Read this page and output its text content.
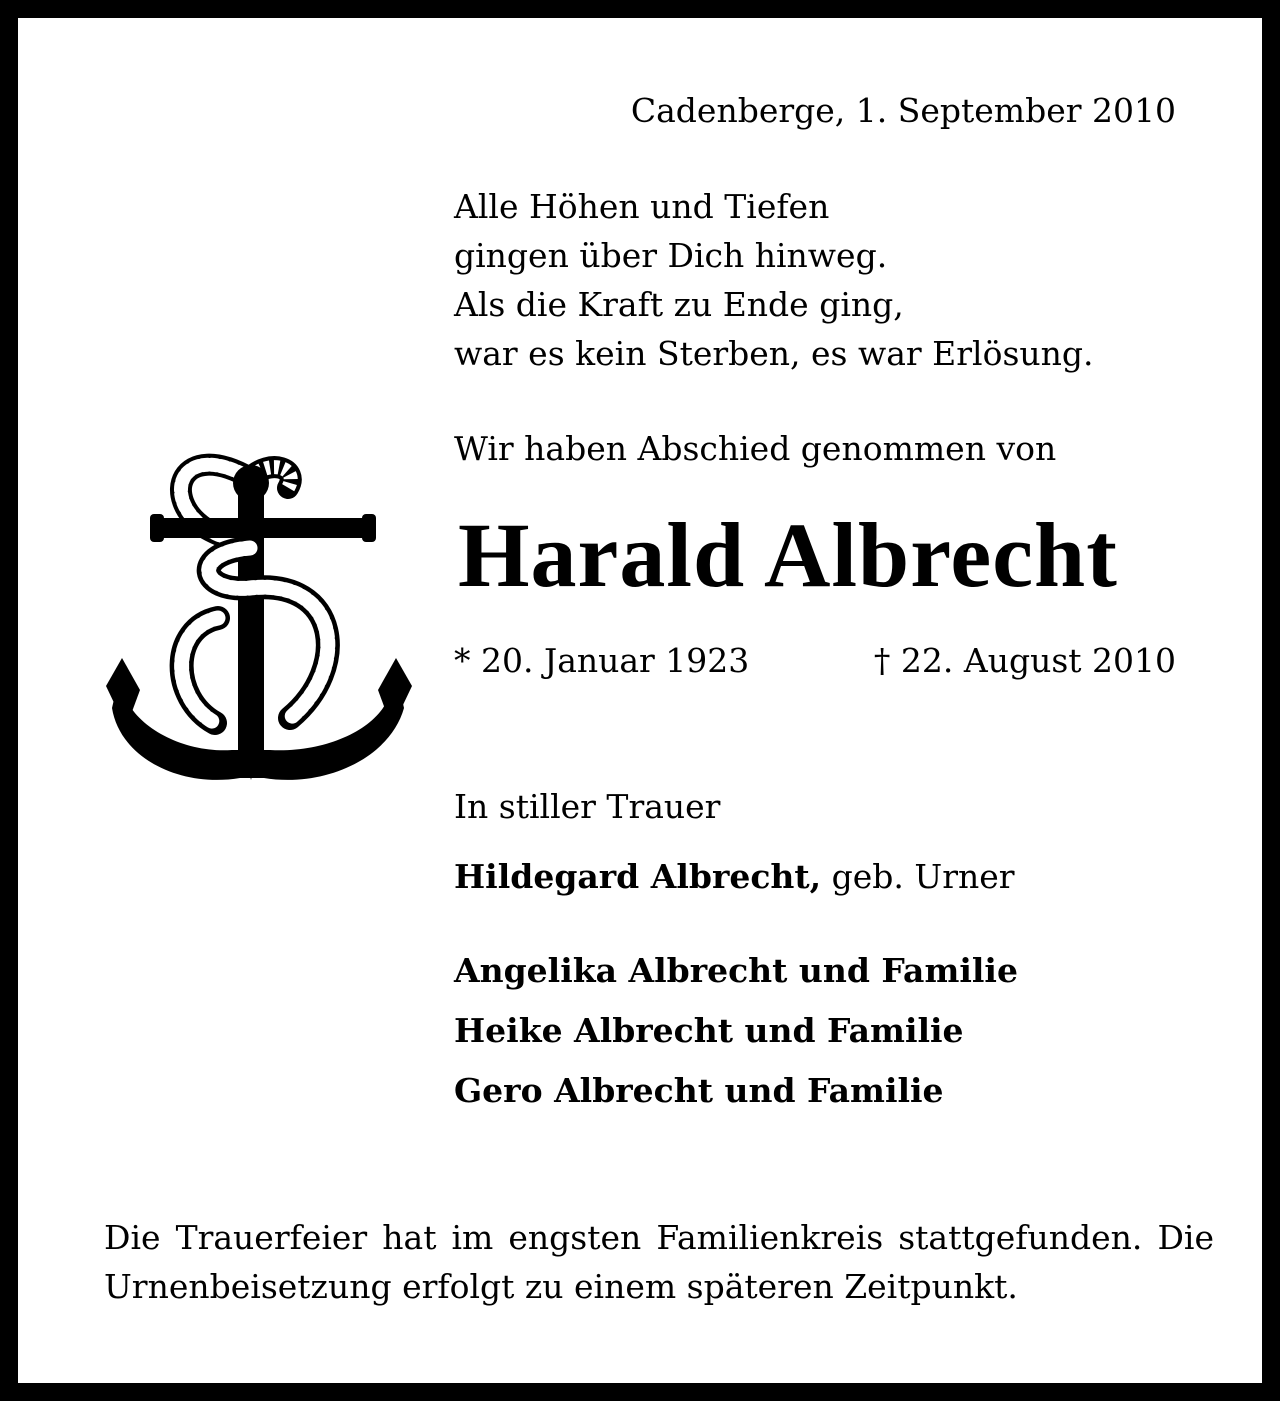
Cadenberge, 1. September 2010

Alle Höhen und Tiefen
gingen über Dich hinweg.
Als die Kraft zu Ende ging,
war es kein Sterben, es war Erlösung.

Wir haben Abschied genommen von

Harald Albrecht

* 20. Januar 1923	† 22. August 2010

In stiller Trauer

Hildegard Albrecht, geb. Urner

Angelika Albrecht und Familie

Heike Albrecht und Familie

Gero Albrecht und Familie

Die Trauerfeier hat im engsten Familienkreis stattgefunden. Die Urnenbeisetzung erfolgt zu einem späteren Zeitpunkt.
